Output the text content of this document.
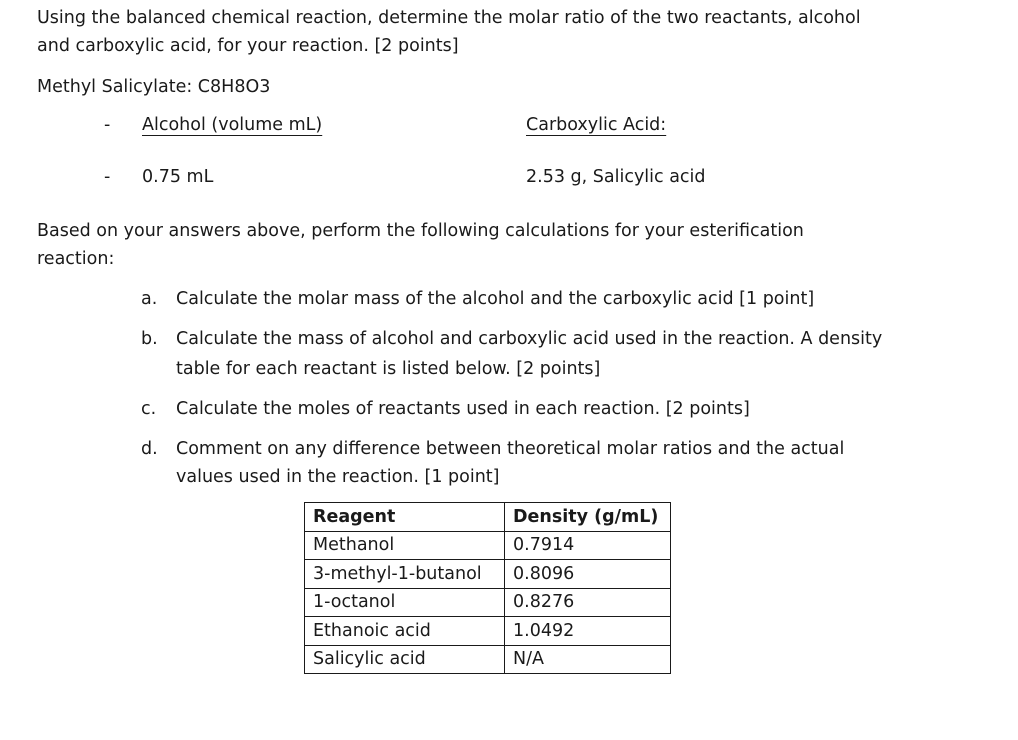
Using the balanced chemical reaction, determine the molar ratio of the two reactants, alcohol
and carboxylic acid, for your reaction. [2 points]
Methyl Salicylate: C8H8O3
- Alcohol (volume mL)	Carboxylic Acid:
- 0.75 mL	2.53 g, Salicylic acid
Based on your answers above, perform the following calculations for your esterification
reaction:
a. Calculate the molar mass of the alcohol and the carboxylic acid [1 point]
b. Calculate the mass of alcohol and carboxylic acid used in the reaction. A density
table for each reactant is listed below. [2 points]
c. Calculate the moles of reactants used in each reaction. [2 points]
d. Comment on any difference between theoretical molar ratios and the actual
values used in the reaction. [1 point]
Reagent	Density (g/mL)
Methanol	0.7914
3-methyl-1-butanol	0.8096
1-octanol	0.8276
Ethanoic acid	1.0492
Salicylic acid	N/A
